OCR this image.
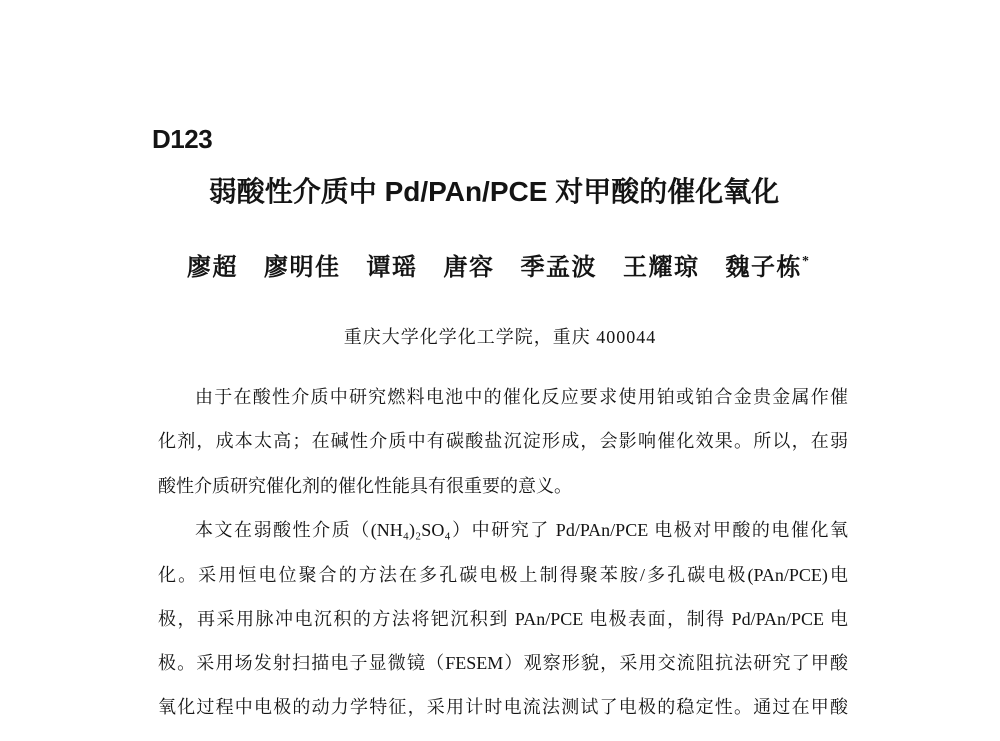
D123
弱酸性介质中 Pd/PAn/PCE 对甲酸的催化氧化
廖超 廖明佳 谭瑶 唐容 季孟波 王耀琼 魏子栋*
重庆大学化学化工学院，重庆 400044
由于在酸性介质中研究燃料电池中的催化反应要求使用铂或铂合金贵金属作催
化剂，成本太高；在碱性介质中有碳酸盐沉淀形成，会影响催化效果。所以，在弱
酸性介质研究催化剂的催化性能具有很重要的意义。
本文在弱酸性介质（(NH₄)₂SO₄）中研究了 Pd/PAn/PCE 电极对甲酸的电催化氧
化。采用恒电位聚合的方法在多孔碳电极上制得聚苯胺/多孔碳电极(PAn/PCE)电
极，再采用脉冲电沉积的方法将钯沉积到 PAn/PCE 电极表面，制得 Pd/PAn/PCE 电
极。采用场发射扫描电子显微镜（FESEM）观察形貌，采用交流阻抗法研究了甲酸
氧化过程中电极的动力学特征，采用计时电流法测试了电极的稳定性。通过在甲酸
